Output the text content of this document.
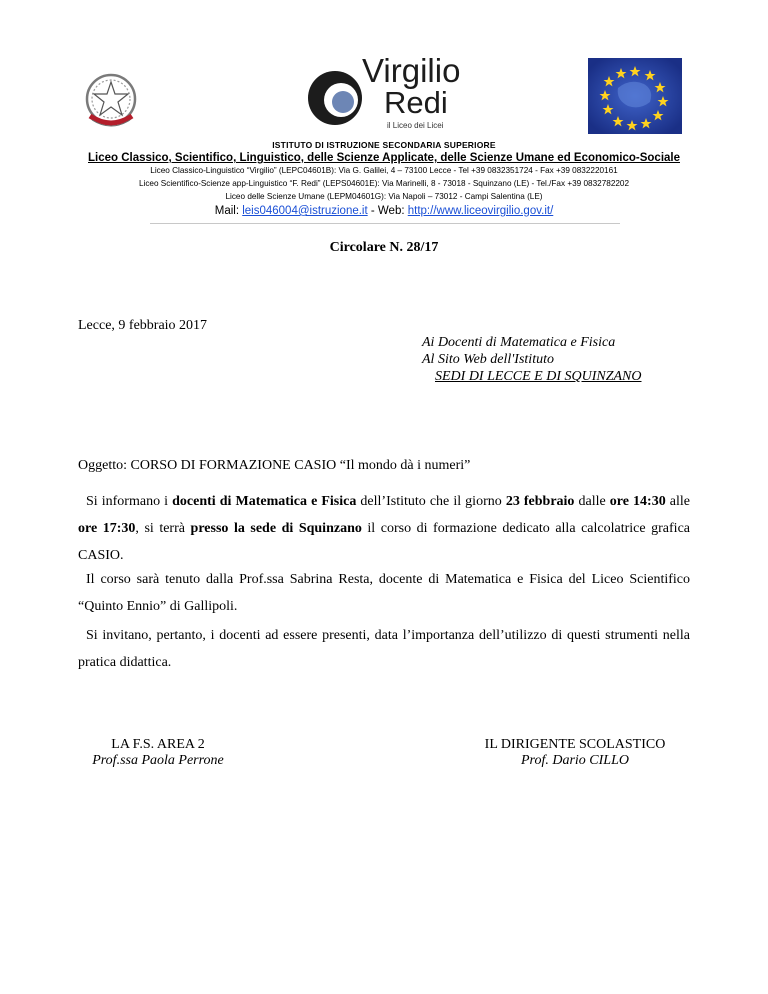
Virgilio
Redi
il Liceo dei Licei
ISTITUTO DI ISTRUZIONE SECONDARIA SUPERIORE
Liceo Classico, Scientifico, Linguistico, delle Scienze Applicate, delle Scienze Umane ed Economico-Sociale
Liceo Classico-Linguistico “Virgilio” (LEPC04601B): Via G. Galilei, 4 – 73100 Lecce - Tel +39 0832351724 - Fax +39 0832220161
Liceo Scientifico-Scienze app-Linguistico “F. Redi” (LEPS04601E): Via Marinelli, 8 - 73018 - Squinzano (LE) - Tel./Fax +39 0832782202
Liceo delle Scienze Umane (LEPM04601G): Via Napoli – 73012 - Campi Salentina (LE)
Mail: leis046004@istruzione.it - Web: http://www.liceovirgilio.gov.it/
Circolare N. 28/17
Lecce, 9 febbraio 2017
Ai Docenti di Matematica e Fisica
Al Sito Web dell'Istituto
SEDI DI LECCE E DI SQUINZANO
Oggetto: CORSO DI FORMAZIONE CASIO “Il mondo dà i numeri”

Si informano i docenti di Matematica e Fisica dell’Istituto che il giorno 23 febbraio dalle ore 14:30 alle ore 17:30, si terrà presso la sede di Squinzano il corso di formazione dedicato alla calcolatrice grafica CASIO.

Il corso sarà tenuto dalla Prof.ssa Sabrina Resta, docente di Matematica e Fisica del Liceo Scientifico “Quinto Ennio” di Gallipoli.

Si invitano, pertanto, i docenti ad essere presenti, data l’importanza dell’utilizzo di questi strumenti nella pratica didattica.

LA F.S. AREA 2
Prof.ssa Paola Perrone
IL DIRIGENTE SCOLASTICO
Prof. Dario CILLO
